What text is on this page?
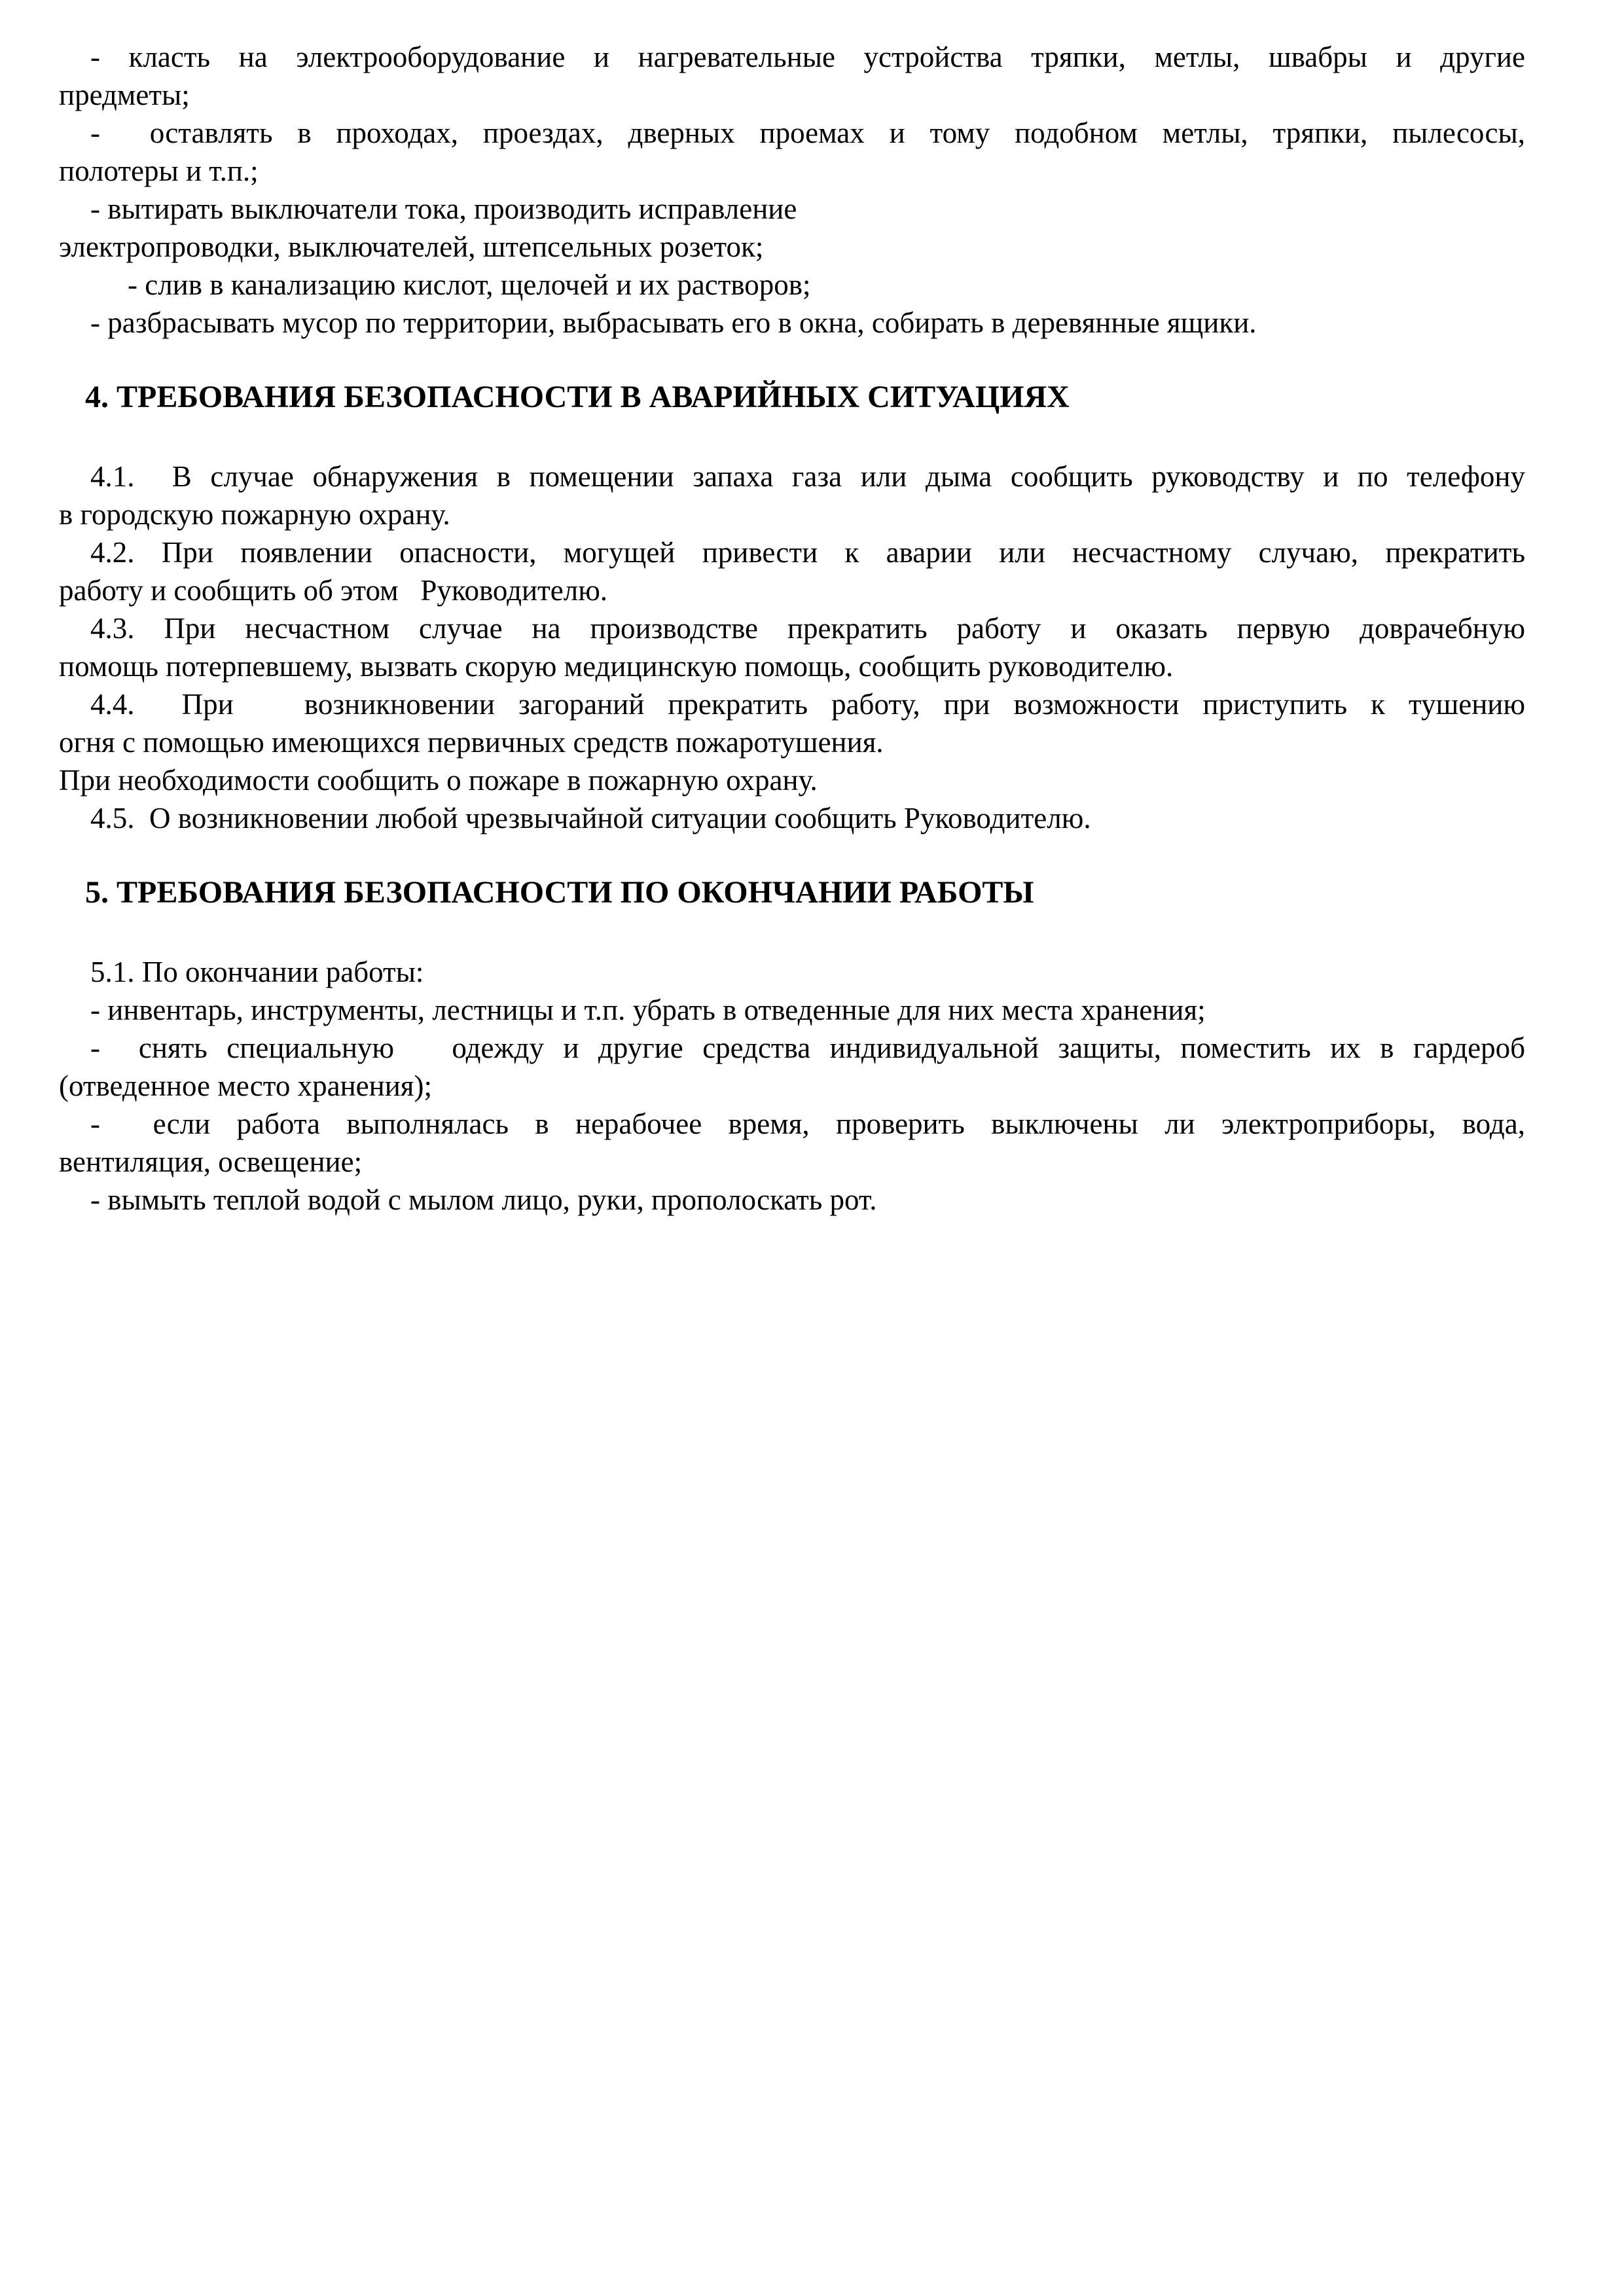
- класть на электрооборудование и нагревательные устройства тряпки, метлы, швабры и другие

предметы;

-  оставлять в проходах, проездах, дверных проемах и тому подобном метлы, тряпки, пылесосы,

полотеры и т.п.;

- вытирать выключатели тока, производить исправление

электропроводки, выключателей, штепсельных розеток;

- слив в канализацию кислот, щелочей и их растворов;

- разбрасывать мусор по территории, выбрасывать его в окна, собирать в деревянные ящики.

4. ТРЕБОВАНИЯ БЕЗОПАСНОСТИ В АВАРИЙНЫХ СИТУАЦИЯХ

4.1.  В случае обнаружения в помещении запаха газа или дыма сообщить руководству и по телефону

в городскую пожарную охрану.

4.2. При появлении опасности, могущей привести к аварии или несчастному случаю, прекратить

работу и сообщить об этом   Руководителю.

4.3. При несчастном случае на производстве прекратить работу и оказать первую доврачебную

помощь потерпевшему, вызвать скорую медицинскую помощь, сообщить руководителю.

4.4.  При   возникновении загораний прекратить работу, при возможности приступить к тушению

огня с помощью имеющихся первичных средств пожаротушения.

При необходимости сообщить о пожаре в пожарную охрану.

4.5.  О возникновении любой чрезвычайной ситуации сообщить Руководителю.

5. ТРЕБОВАНИЯ БЕЗОПАСНОСТИ ПО ОКОНЧАНИИ РАБОТЫ

5.1. По окончании работы:

- инвентарь, инструменты, лестницы и т.п. убрать в отведенные для них места хранения;

-  снять специальную   одежду и другие средства индивидуальной защиты, поместить их в гардероб

(отведенное место хранения);

-  если работа выполнялась в нерабочее время, проверить выключены ли электроприборы, вода,

вентиляция, освещение;

- вымыть теплой водой с мылом лицо, руки, прополоскать рот.
